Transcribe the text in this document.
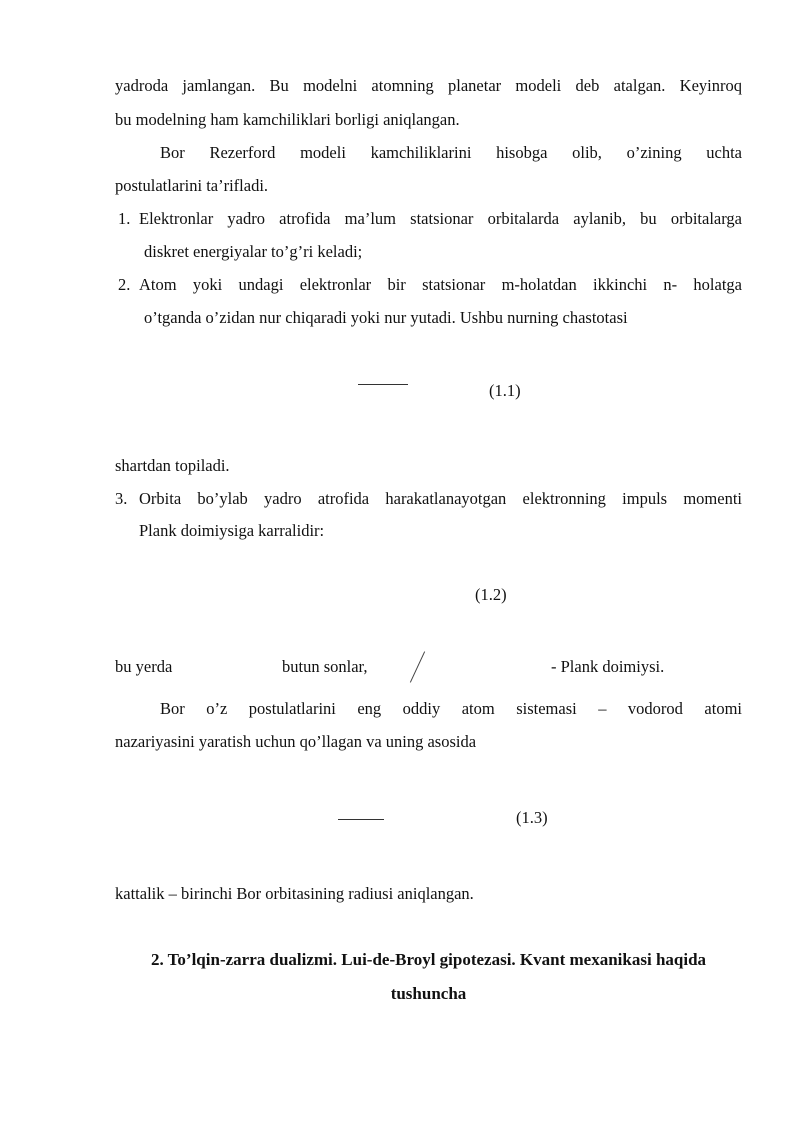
yadroda jamlangan. Bu modelni atomning planetar modeli deb atalgan. Keyinroq
bu modelning ham kamchiliklari borligi aniqlangan.
Bor Rezerford modeli kamchiliklarini hisobga olib, o’zining uchta
postulatlarini ta’rifladi.
1. Elektronlar yadro atrofida ma’lum statsionar orbitalarda aylanib, bu orbitalarga
diskret energiyalar to’g’ri keladi;
2. Atom yoki undagi elektronlar bir statsionar m-holatdan ikkinchi n- holatga
o’tganda o’zidan nur chiqaradi yoki nur yutadi. Ushbu nurning chastotasi
(1.1)
shartdan topiladi.
3. Orbita bo’ylab yadro atrofida harakatlanayotgan elektronning impuls momenti
Plank doimiysiga karralidir:
(1.2)
bu yerda	butun sonlar,	- Plank doimiysi.
Bor o’z postulatlarini eng oddiy atom sistemasi – vodorod atomi
nazariyasini yaratish uchun qo’llagan va uning asosida
(1.3)
kattalik – birinchi Bor orbitasining radiusi aniqlangan.
2. To’lqin-zarra dualizmi. Lui-de-Broyl gipotezasi. Kvant mexanikasi haqida
tushuncha
